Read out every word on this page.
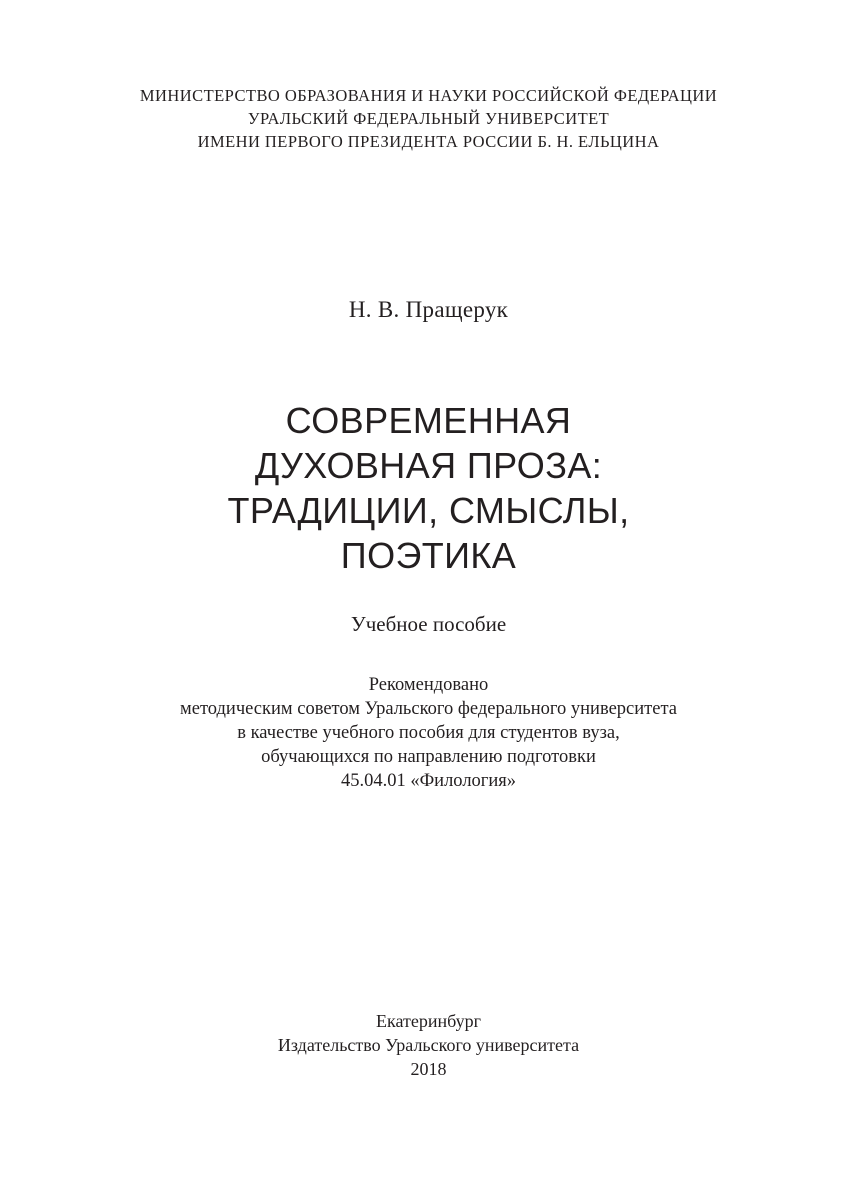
МИНИСТЕРСТВО ОБРАЗОВАНИЯ И НАУКИ РОССИЙСКОЙ ФЕДЕРАЦИИ
УРАЛЬСКИЙ ФЕДЕРАЛЬНЫЙ УНИВЕРСИТЕТ
ИМЕНИ ПЕРВОГО ПРЕЗИДЕНТА РОССИИ Б. Н. ЕЛЬЦИНА
Н. В. Пращерук
СОВРЕМЕННАЯ
ДУХОВНАЯ ПРОЗА:
ТРАДИЦИИ, СМЫСЛЫ,
ПОЭТИКА
Учебное пособие
Рекомендовано
методическим советом Уральского федерального университета
в качестве учебного пособия для студентов вуза,
обучающихся по направлению подготовки
45.04.01 «Филология»
Екатеринбург
Издательство Уральского университета
2018
